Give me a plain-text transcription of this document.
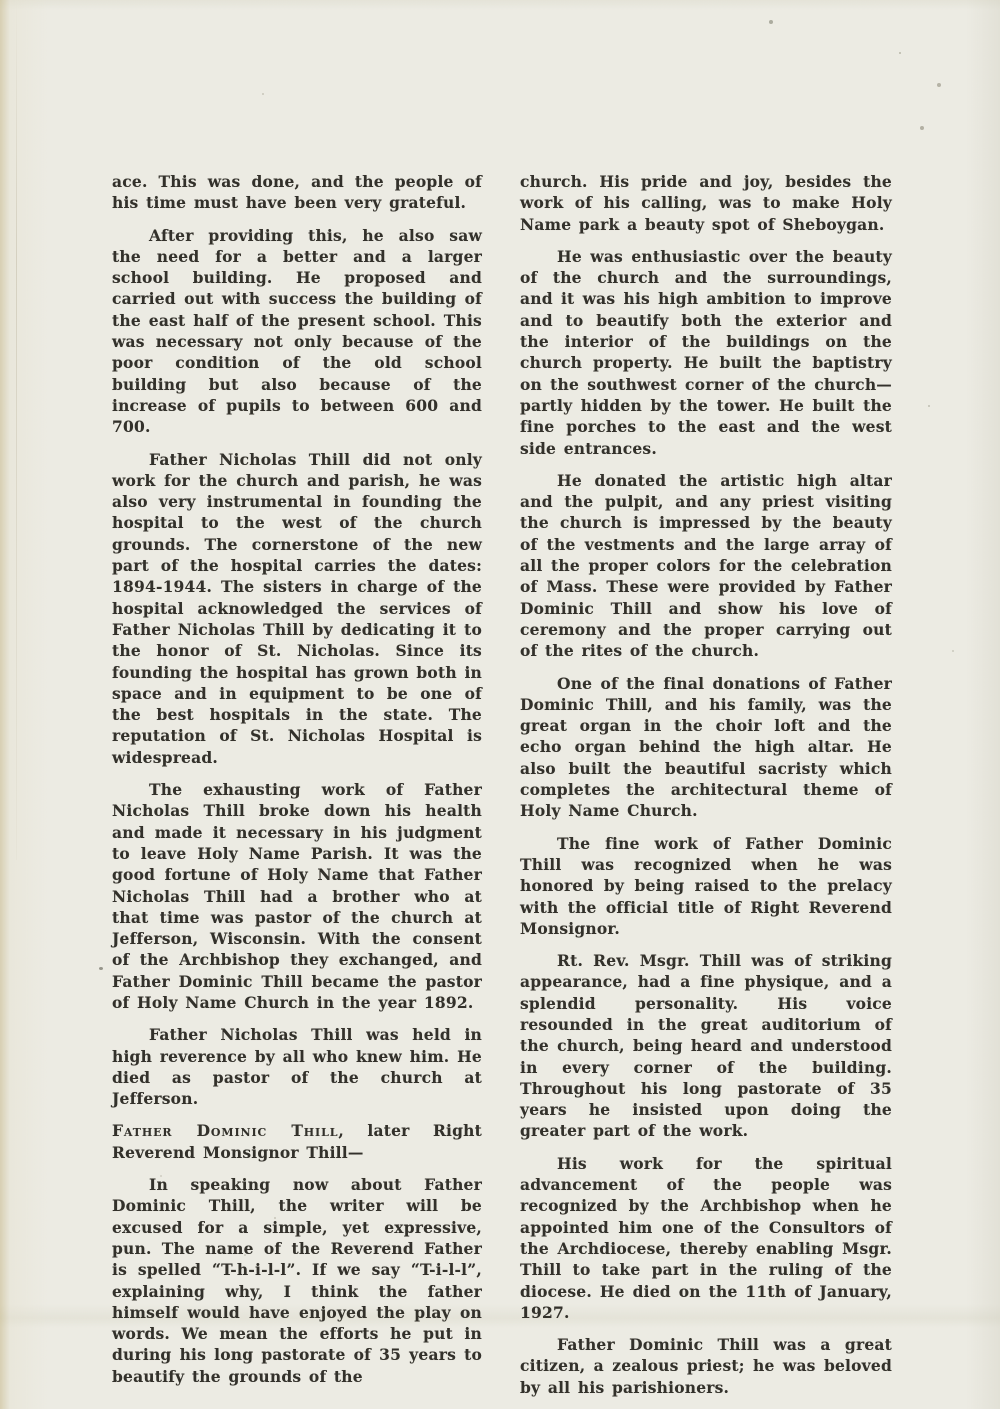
ace. This was done, and the people of his time must have been very grateful.

After providing this, he also saw the need for a better and a larger school building. He proposed and carried out with success the building of the east half of the present school. This was necessary not only because of the poor condition of the old school building but also because of the increase of pupils to between 600 and 700.

Father Nicholas Thill did not only work for the church and parish, he was also very instrumental in founding the hospital to the west of the church grounds. The cornerstone of the new part of the hospital carries the dates: 1894-1944. The sisters in charge of the hospital acknowledged the services of Father Nicholas Thill by dedicating it to the honor of St. Nicholas. Since its founding the hospital has grown both in space and in equipment to be one of the best hospitals in the state. The reputation of St. Nicholas Hospital is widespread.

The exhausting work of Father Nicholas Thill broke down his health and made it necessary in his judgment to leave Holy Name Parish. It was the good fortune of Holy Name that Father Nicholas Thill had a brother who at that time was pastor of the church at Jefferson, Wisconsin. With the consent of the Archbishop they exchanged, and Father Dominic Thill became the pastor of Holy Name Church in the year 1892.

Father Nicholas Thill was held in high reverence by all who knew him. He died as pastor of the church at Jefferson.

Father Dominic Thill, later Right Reverend Monsignor Thill—

In speaking now about Father Dominic Thill, the writer will be excused for a simple, yet expressive, pun. The name of the Reverend Father is spelled “T-h-i-l-l”. If we say “T-i-l-l”, explaining why, I think the father himself would have enjoyed the play on words. We mean the efforts he put in during his long pastorate of 35 years to beautify the grounds of the

church. His pride and joy, besides the work of his calling, was to make Holy Name park a beauty spot of Sheboygan.

He was enthusiastic over the beauty of the church and the surroundings, and it was his high ambition to improve and to beautify both the exterior and the interior of the buildings on the church property. He built the baptistry on the southwest corner of the church—partly hidden by the tower. He built the fine porches to the east and the west side entrances.

He donated the artistic high altar and the pulpit, and any priest visiting the church is impressed by the beauty of the vestments and the large array of all the proper colors for the celebration of Mass. These were provided by Father Dominic Thill and show his love of ceremony and the proper carrying out of the rites of the church.

One of the final donations of Father Dominic Thill, and his family, was the great organ in the choir loft and the echo organ behind the high altar. He also built the beautiful sacristy which completes the architectural theme of Holy Name Church.

The fine work of Father Dominic Thill was recognized when he was honored by being raised to the prelacy with the official title of Right Reverend Monsignor.

Rt. Rev. Msgr. Thill was of striking appearance, had a fine physique, and a splendid personality. His voice resounded in the great auditorium of the church, being heard and understood in every corner of the building. Throughout his long pastorate of 35 years he insisted upon doing the greater part of the work.

His work for the spiritual advancement of the people was recognized by the Archbishop when he appointed him one of the Consultors of the Archdiocese, thereby enabling Msgr. Thill to take part in the ruling of the diocese. He died on the 11th of January, 1927.

Father Dominic Thill was a great citizen, a zealous priest; he was beloved by all his parishioners.
